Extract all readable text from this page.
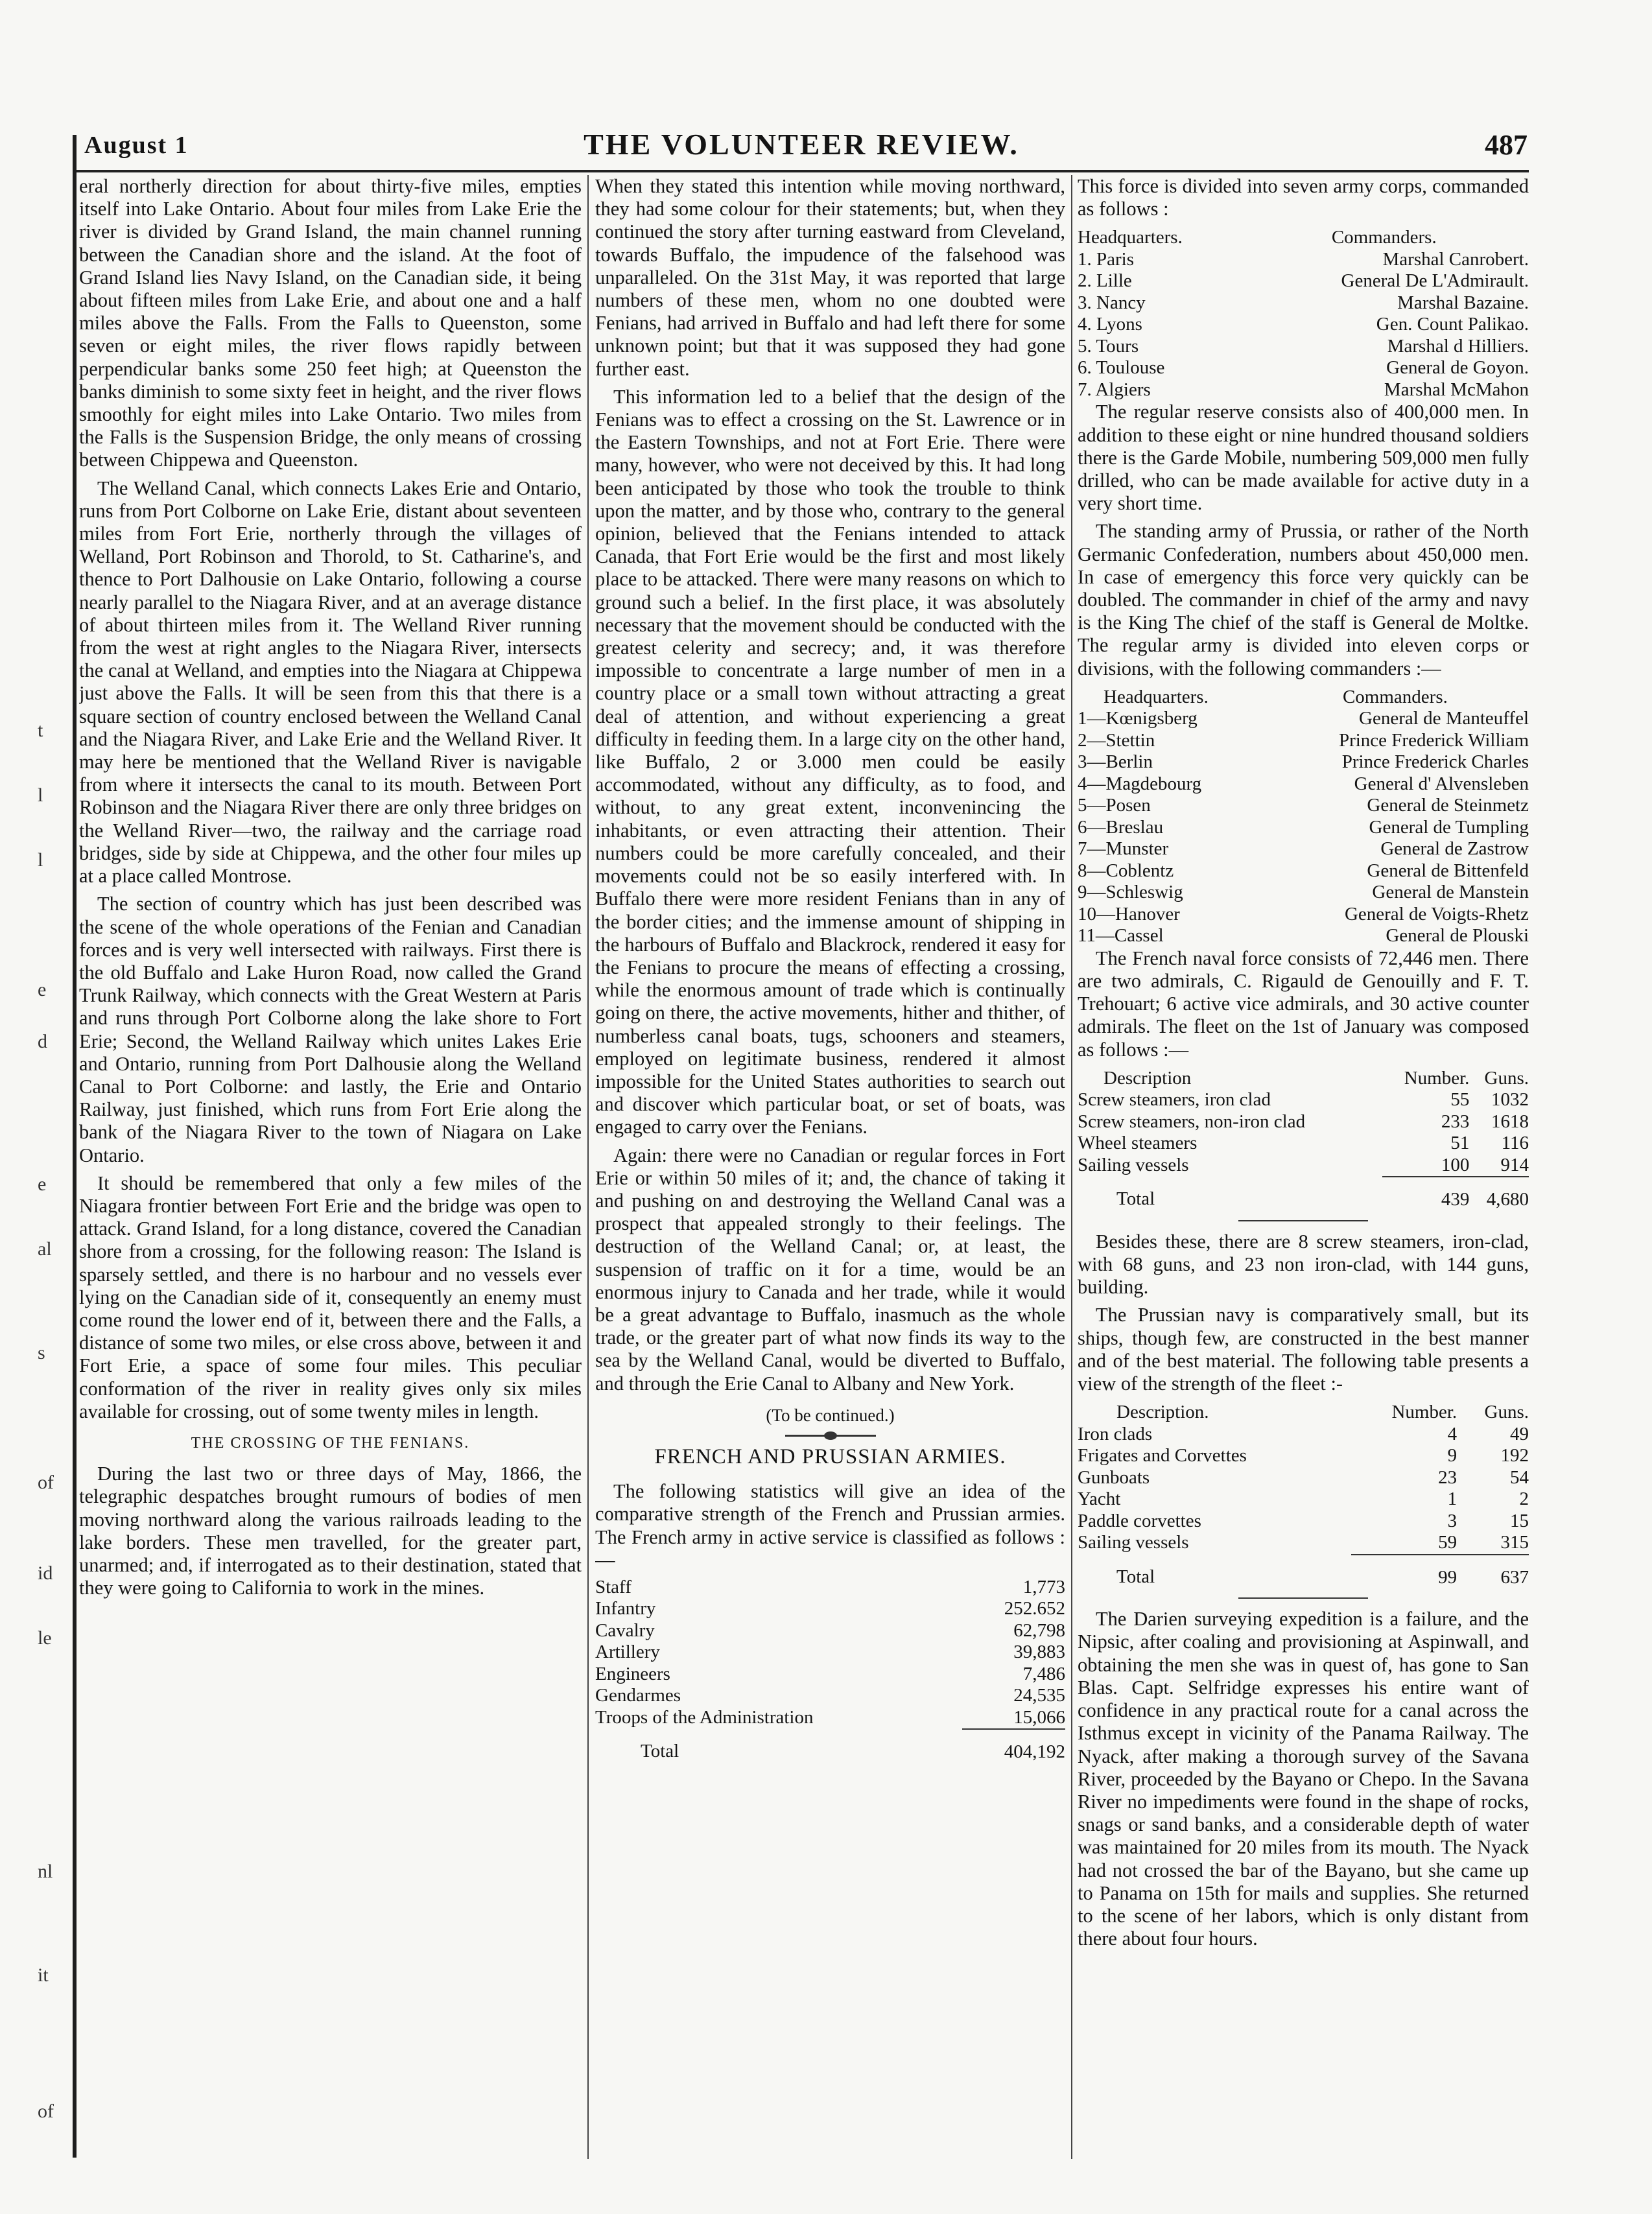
t
l
l
e
d
e
al
s
of
id
le
nl
it
of
August 1	THE VOLUNTEER REVIEW.	487

eral northerly direction for about thirty-five miles, empties itself into Lake Ontario. About four miles from Lake Erie the river is divided by Grand Island, the main channel running between the Canadian shore and the island. At the foot of Grand Island lies Navy Island, on the Canadian side, it being about fifteen miles from Lake Erie, and about one and a half miles above the Falls. From the Falls to Queenston, some seven or eight miles, the river flows rapidly between perpendicular banks some 250 feet high; at Queenston the banks diminish to some sixty feet in height, and the river flows smoothly for eight miles into Lake Ontario. Two miles from the Falls is the Suspension Bridge, the only means of crossing between Chippewa and Queenston.

The Welland Canal, which connects Lakes Erie and Ontario, runs from Port Colborne on Lake Erie, distant about seventeen miles from Fort Erie, northerly through the villages of Welland, Port Robinson and Thorold, to St. Catharine's, and thence to Port Dalhousie on Lake Ontario, following a course nearly parallel to the Niagara River, and at an average distance of about thirteen miles from it. The Welland River running from the west at right angles to the Niagara River, intersects the canal at Welland, and empties into the Niagara at Chippewa just above the Falls. It will be seen from this that there is a square section of country enclosed between the Welland Canal and the Niagara River, and Lake Erie and the Welland River. It may here be mentioned that the Welland River is navigable from where it intersects the canal to its mouth. Between Port Robinson and the Niagara River there are only three bridges on the Welland River—two, the railway and the carriage road bridges, side by side at Chippewa, and the other four miles up at a place called Montrose.

The section of country which has just been described was the scene of the whole operations of the Fenian and Canadian forces and is very well intersected with railways. First there is the old Buffalo and Lake Huron Road, now called the Grand Trunk Railway, which connects with the Great Western at Paris and runs through Port Colborne along the lake shore to Fort Erie; Second, the Welland Railway which unites Lakes Erie and Ontario, running from Port Dalhousie along the Welland Canal to Port Colborne: and lastly, the Erie and Ontario Railway, just finished, which runs from Fort Erie along the bank of the Niagara River to the town of Niagara on Lake Ontario.

It should be remembered that only a few miles of the Niagara frontier between Fort Erie and the bridge was open to attack. Grand Island, for a long distance, covered the Canadian shore from a crossing, for the following reason: The Island is sparsely settled, and there is no harbour and no vessels ever lying on the Canadian side of it, consequently an enemy must come round the lower end of it, between there and the Falls, a distance of some two miles, or else cross above, between it and Fort Erie, a space of some four miles. This peculiar conformation of the river in reality gives only six miles available for crossing, out of some twenty miles in length.

THE CROSSING OF THE FENIANS.

During the last two or three days of May, 1866, the telegraphic despatches brought rumours of bodies of men moving northward along the various railroads leading to the lake borders. These men travelled, for the greater part, unarmed; and, if interrogated as to their destination, stated that they were going to California to work in the mines.

When they stated this intention while moving northward, they had some colour for their statements; but, when they continued the story after turning eastward from Cleveland, towards Buffalo, the impudence of the falsehood was unparalleled. On the 31st May, it was reported that large numbers of these men, whom no one doubted were Fenians, had arrived in Buffalo and had left there for some unknown point; but that it was supposed they had gone further east.

This information led to a belief that the design of the Fenians was to effect a crossing on the St. Lawrence or in the Eastern Townships, and not at Fort Erie. There were many, however, who were not deceived by this. It had long been anticipated by those who took the trouble to think upon the matter, and by those who, contrary to the general opinion, believed that the Fenians intended to attack Canada, that Fort Erie would be the first and most likely place to be attacked. There were many reasons on which to ground such a belief. In the first place, it was absolutely necessary that the movement should be conducted with the greatest celerity and secrecy; and, it was therefore impossible to concentrate a large number of men in a country place or a small town without attracting a great deal of attention, and without experiencing a great difficulty in feeding them. In a large city on the other hand, like Buffalo, 2 or 3.000 men could be easily accommodated, without any difficulty, as to food, and without, to any great extent, inconvenincing the inhabitants, or even attracting their attention. Their numbers could be more carefully concealed, and their movements could not be so easily interfered with. In Buffalo there were more resident Fenians than in any of the border cities; and the immense amount of shipping in the harbours of Buffalo and Blackrock, rendered it easy for the Fenians to procure the means of effecting a crossing, while the enormous amount of trade which is continually going on there, the active movements, hither and thither, of numberless canal boats, tugs, schooners and steamers, employed on legitimate business, rendered it almost impossible for the United States authorities to search out and discover which particular boat, or set of boats, was engaged to carry over the Fenians.

Again: there were no Canadian or regular forces in Fort Erie or within 50 miles of it; and, the chance of taking it and pushing on and destroying the Welland Canal was a prospect that appealed strongly to their feelings. The destruction of the Welland Canal; or, at least, the suspension of traffic on it for a time, would be an enormous injury to Canada and her trade, while it would be a great advantage to Buffalo, inasmuch as the whole trade, or the greater part of what now finds its way to the sea by the Welland Canal, would be diverted to Buffalo, and through the Erie Canal to Albany and New York.

(To be continued.)
FRENCH AND PRUSSIAN ARMIES.

The following statistics will give an idea of the comparative strength of the French and Prussian armies. The French army in active service is classified as follows :—

Staff	1,773
Infantry	252.652
Cavalry	62,798
Artillery	39,883
Engineers	7,486
Gendarmes	24,535
Troops of the Administration	15,066
Total	404,192

This force is divided into seven army corps, commanded as follows :

Headquarters.	Commanders.
1. Paris	Marshal Canrobert.
2. Lille	General De L'Admirault.
3. Nancy	Marshal Bazaine.
4. Lyons	Gen. Count Palikao.
5. Tours	Marshal d Hilliers.
6. Toulouse	General de Goyon.
7. Algiers	Marshal McMahon

The regular reserve consists also of 400,000 men. In addition to these eight or nine hundred thousand soldiers there is the Garde Mobile, numbering 509,000 men fully drilled, who can be made available for active duty in a very short time.

The standing army of Prussia, or rather of the North Germanic Confederation, numbers about 450,000 men. In case of emergency this force very quickly can be doubled. The commander in chief of the army and navy is the King The chief of the staff is General de Moltke. The regular army is divided into eleven corps or divisions, with the following commanders :—

Headquarters.	Commanders.
1—Kœnigsberg	General de Manteuffel
2—Stettin	Prince Frederick William
3—Berlin	Prince Frederick Charles
4—Magdebourg	General d' Alvensleben
5—Posen	General de Steinmetz
6—Breslau	General de Tumpling
7—Munster	General de Zastrow
8—Coblentz	General de Bittenfeld
9—Schleswig	General de Manstein
10—Hanover	General de Voigts-Rhetz
11—Cassel	General de Plouski

The French naval force consists of 72,446 men. There are two admirals, C. Rigauld de Genouilly and F. T. Trehouart; 6 active vice admirals, and 30 active counter admirals. The fleet on the 1st of January was composed as follows :—

Description	Number.	Guns.
Screw steamers, iron clad	55	1032
Screw steamers, non-iron clad	233	1618
Wheel steamers	51	116
Sailing vessels	100	914
Total	439	4,680

Besides these, there are 8 screw steamers, iron-clad, with 68 guns, and 23 non iron-clad, with 144 guns, building.

The Prussian navy is comparatively small, but its ships, though few, are constructed in the best manner and of the best material. The following table presents a view of the strength of the fleet :-

Description.	Number.	Guns.
Iron clads	4	49
Frigates and Corvettes	9	192
Gunboats	23	54
Yacht	1	2
Paddle corvettes	3	15
Sailing vessels	59	315
Total	99	637

The Darien surveying expedition is a failure, and the Nipsic, after coaling and provisioning at Aspinwall, and obtaining the men she was in quest of, has gone to San Blas. Capt. Selfridge expresses his entire want of confidence in any practical route for a canal across the Isthmus except in vicinity of the Panama Railway. The Nyack, after making a thorough survey of the Savana River, proceeded by the Bayano or Chepo. In the Savana River no impediments were found in the shape of rocks, snags or sand banks, and a considerable depth of water was maintained for 20 miles from its mouth. The Nyack had not crossed the bar of the Bayano, but she came up to Panama on 15th for mails and supplies. She returned to the scene of her labors, which is only distant from there about four hours.
